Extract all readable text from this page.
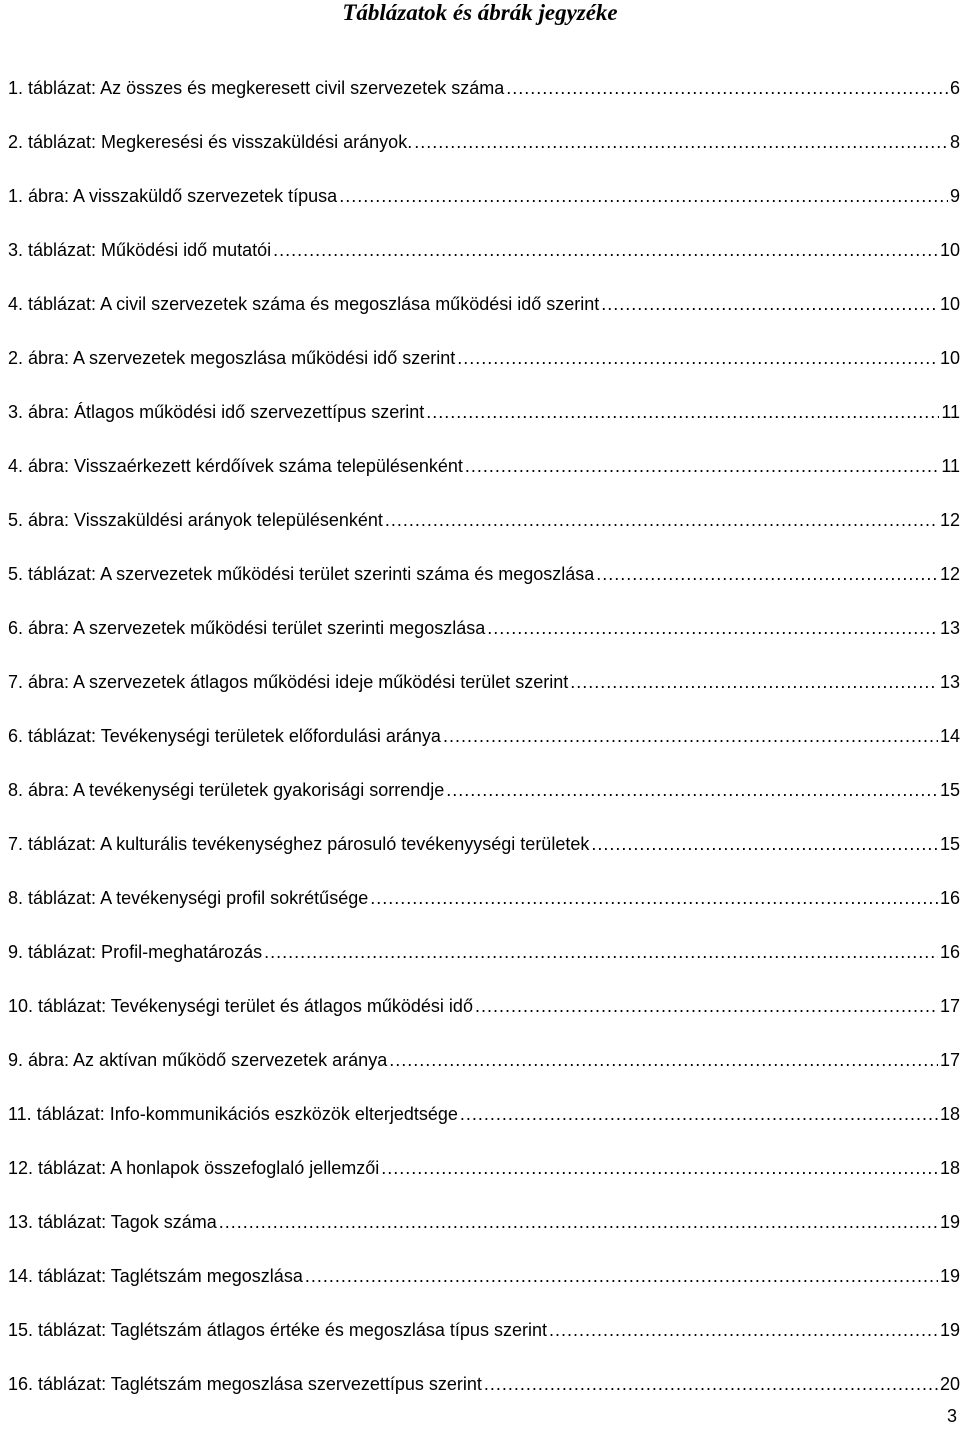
Táblázatok és ábrák jegyzéke
1. táblázat: Az összes és megkeresett civil szervezetek száma .....	6
2. táblázat: Megkeresési és visszaküldési arányok. .....	8
1. ábra: A visszaküldő szervezetek típusa .....	9
3. táblázat: Működési idő mutatói .....	10
4. táblázat: A civil szervezetek száma és megoszlása működési idő szerint .....	10
2. ábra: A szervezetek megoszlása működési idő szerint .....	10
3. ábra: Átlagos működési idő szervezettípus szerint .....	11
4. ábra: Visszaérkezett kérdőívek száma településenként .....	11
5. ábra: Visszaküldési arányok településenként .....	12
5. táblázat: A szervezetek működési terület szerinti száma és megoszlása .....	12
6. ábra: A szervezetek működési terület szerinti megoszlása .....	13
7. ábra: A szervezetek átlagos működési ideje működési terület szerint .....	13
6. táblázat: Tevékenységi területek előfordulási aránya .....	14
8. ábra: A tevékenységi területek gyakorisági sorrendje .....	15
7. táblázat: A kulturális tevékenységhez párosuló tevékenyységi területek .....	15
8. táblázat: A tevékenységi profil sokrétűsége .....	16
9. táblázat: Profil-meghatározás .....	16
10. táblázat: Tevékenységi terület és átlagos működési idő .....	17
9. ábra: Az aktívan működő szervezetek aránya .....	17
11. táblázat: Info-kommunikációs eszközök elterjedtsége .....	18
12. táblázat: A honlapok összefoglaló jellemzői .....	18
13. táblázat: Tagok száma .....	19
14. táblázat: Taglétszám megoszlása .....	19
15. táblázat: Taglétszám átlagos értéke és megoszlása típus szerint .....	19
16. táblázat: Taglétszám megoszlása szervezettípus szerint .....	20
3
